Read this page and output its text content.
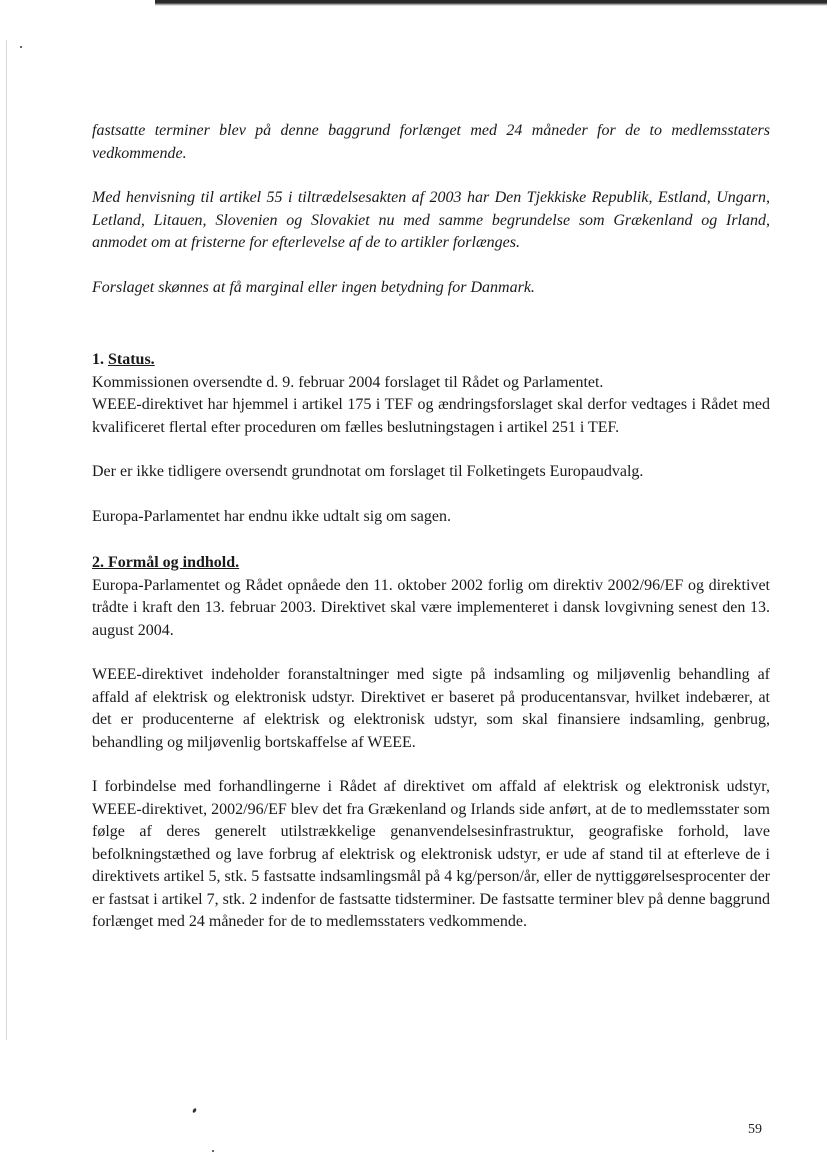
fastsatte terminer blev på denne baggrund forlænget med 24 måneder for de to medlemsstaters vedkommende.

Med henvisning til artikel 55 i tiltrædelsesakten af 2003 har Den Tjekkiske Republik, Estland, Ungarn, Letland, Litauen, Slovenien og Slovakiet nu med samme begrundelse som Grækenland og Irland, anmodet om at fristerne for efterlevelse af de to artikler forlænges.

Forslaget skønnes at få marginal eller ingen betydning for Danmark.

1. Status.

Kommissionen oversendte d. 9. februar 2004 forslaget til Rådet og Parlamentet.

WEEE-direktivet har hjemmel i artikel 175 i TEF og ændringsforslaget skal derfor vedtages i Rådet med kvalificeret flertal efter proceduren om fælles beslutningstagen i artikel 251 i TEF.

Der er ikke tidligere oversendt grundnotat om forslaget til Folketingets Europaudvalg.

Europa-Parlamentet har endnu ikke udtalt sig om sagen.

2. Formål og indhold.

Europa-Parlamentet og Rådet opnåede den 11. oktober 2002 forlig om direktiv 2002/96/EF og direktivet trådte i kraft den 13. februar 2003. Direktivet skal være implementeret i dansk lovgivning senest den 13. august 2004.

WEEE-direktivet indeholder foranstaltninger med sigte på indsamling og miljøvenlig behandling af affald af elektrisk og elektronisk udstyr. Direktivet er baseret på producentansvar, hvilket indebærer, at det er producenterne af elektrisk og elektronisk udstyr, som skal finansiere indsamling, genbrug, behandling og miljøvenlig bortskaffelse af WEEE.

I forbindelse med forhandlingerne i Rådet af direktivet om affald af elektrisk og elektronisk udstyr, WEEE-direktivet, 2002/96/EF blev det fra Grækenland og Irlands side anført, at de to medlemsstater som følge af deres generelt utilstrækkelige genanvendelsesinfrastruktur, geografiske forhold, lave befolkningstæthed og lave forbrug af elektrisk og elektronisk udstyr, er ude af stand til at efterleve de i direktivets artikel 5, stk. 5 fastsatte indsamlingsmål på 4 kg/person/år, eller de nyttiggørelsesprocenter der er fastsat i artikel 7, stk. 2 indenfor de fastsatte tidsterminer. De fastsatte terminer blev på denne baggrund forlænget med 24 måneder for de to medlemsstaters vedkommende.

59
